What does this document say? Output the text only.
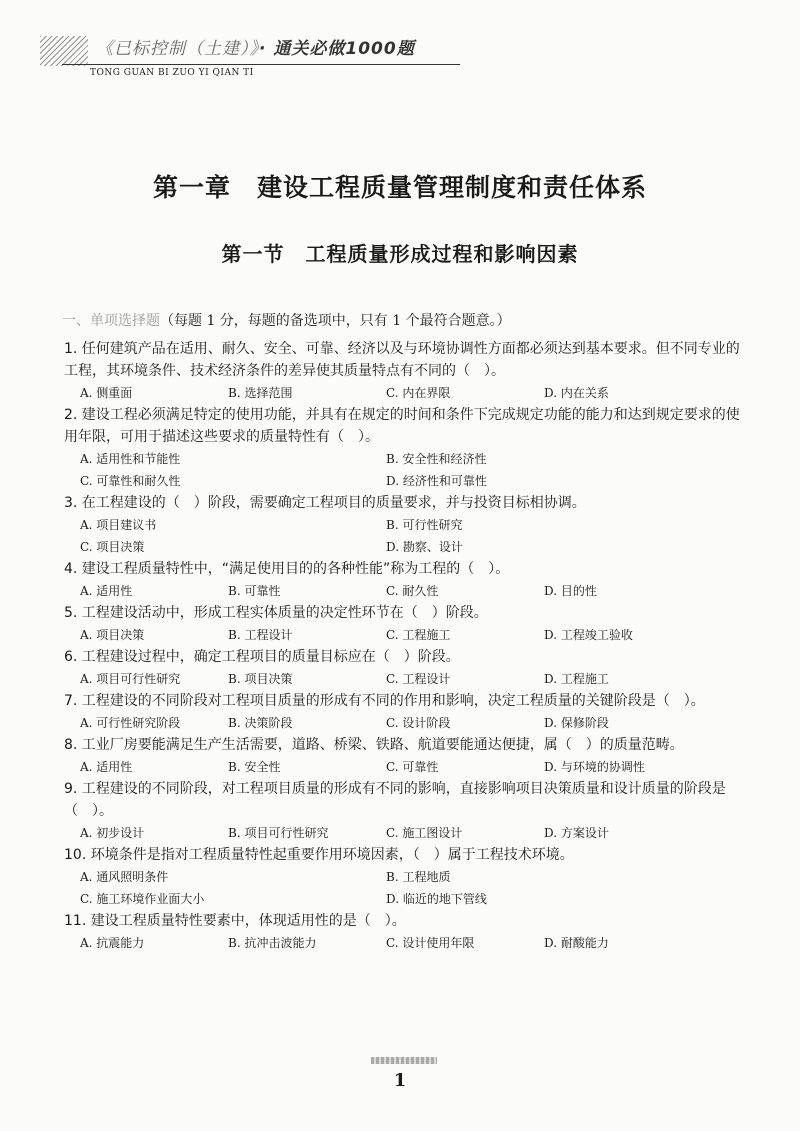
《已标控制（土建）》· 通关必做1000题
TONG GUAN BI ZUO YI QIAN TI
第一章　建设工程质量管理制度和责任体系
第一节　工程质量形成过程和影响因素
一、单项选择题（每题 1 分，每题的备选项中，只有 1 个最符合题意。）
1. 任何建筑产品在适用、耐久、安全、可靠、经济以及与环境协调性方面都必须达到基本要求。但不同专业的工程，其环境条件、技术经济条件的差异使其质量特点有不同的（　）。
A. 侧重面	B. 选择范围	C. 内在界限	D. 内在关系
2. 建设工程必须满足特定的使用功能，并具有在规定的时间和条件下完成规定功能的能力和达到规定要求的使用年限，可用于描述这些要求的质量特性有（　）。
A. 适用性和节能性	B. 安全性和经济性
C. 可靠性和耐久性	D. 经济性和可靠性
3. 在工程建设的（　）阶段，需要确定工程项目的质量要求，并与投资目标相协调。
A. 项目建议书	B. 可行性研究
C. 项目决策	D. 勘察、设计
4. 建设工程质量特性中，“满足使用目的的各种性能”称为工程的（　）。
A. 适用性	B. 可靠性	C. 耐久性	D. 目的性
5. 工程建设活动中，形成工程实体质量的决定性环节在（　）阶段。
A. 项目决策	B. 工程设计	C. 工程施工	D. 工程竣工验收
6. 工程建设过程中，确定工程项目的质量目标应在（　）阶段。
A. 项目可行性研究	B. 项目决策	C. 工程设计	D. 工程施工
7. 工程建设的不同阶段对工程项目质量的形成有不同的作用和影响，决定工程质量的关键阶段是（　）。
A. 可行性研究阶段	B. 决策阶段	C. 设计阶段	D. 保修阶段
8. 工业厂房要能满足生产生活需要，道路、桥梁、铁路、航道要能通达便捷，属（　）的质量范畴。
A. 适用性	B. 安全性	C. 可靠性	D. 与环境的协调性
9. 工程建设的不同阶段，对工程项目质量的形成有不同的影响，直接影响项目决策质量和设计质量的阶段是（　）。
A. 初步设计	B. 项目可行性研究	C. 施工图设计	D. 方案设计
10. 环境条件是指对工程质量特性起重要作用环境因素，（　）属于工程技术环境。
A. 通风照明条件	B. 工程地质
C. 施工环境作业面大小	D. 临近的地下管线
11. 建设工程质量特性要素中，体现适用性的是（　）。
A. 抗震能力	B. 抗冲击波能力	C. 设计使用年限	D. 耐酸能力
1
